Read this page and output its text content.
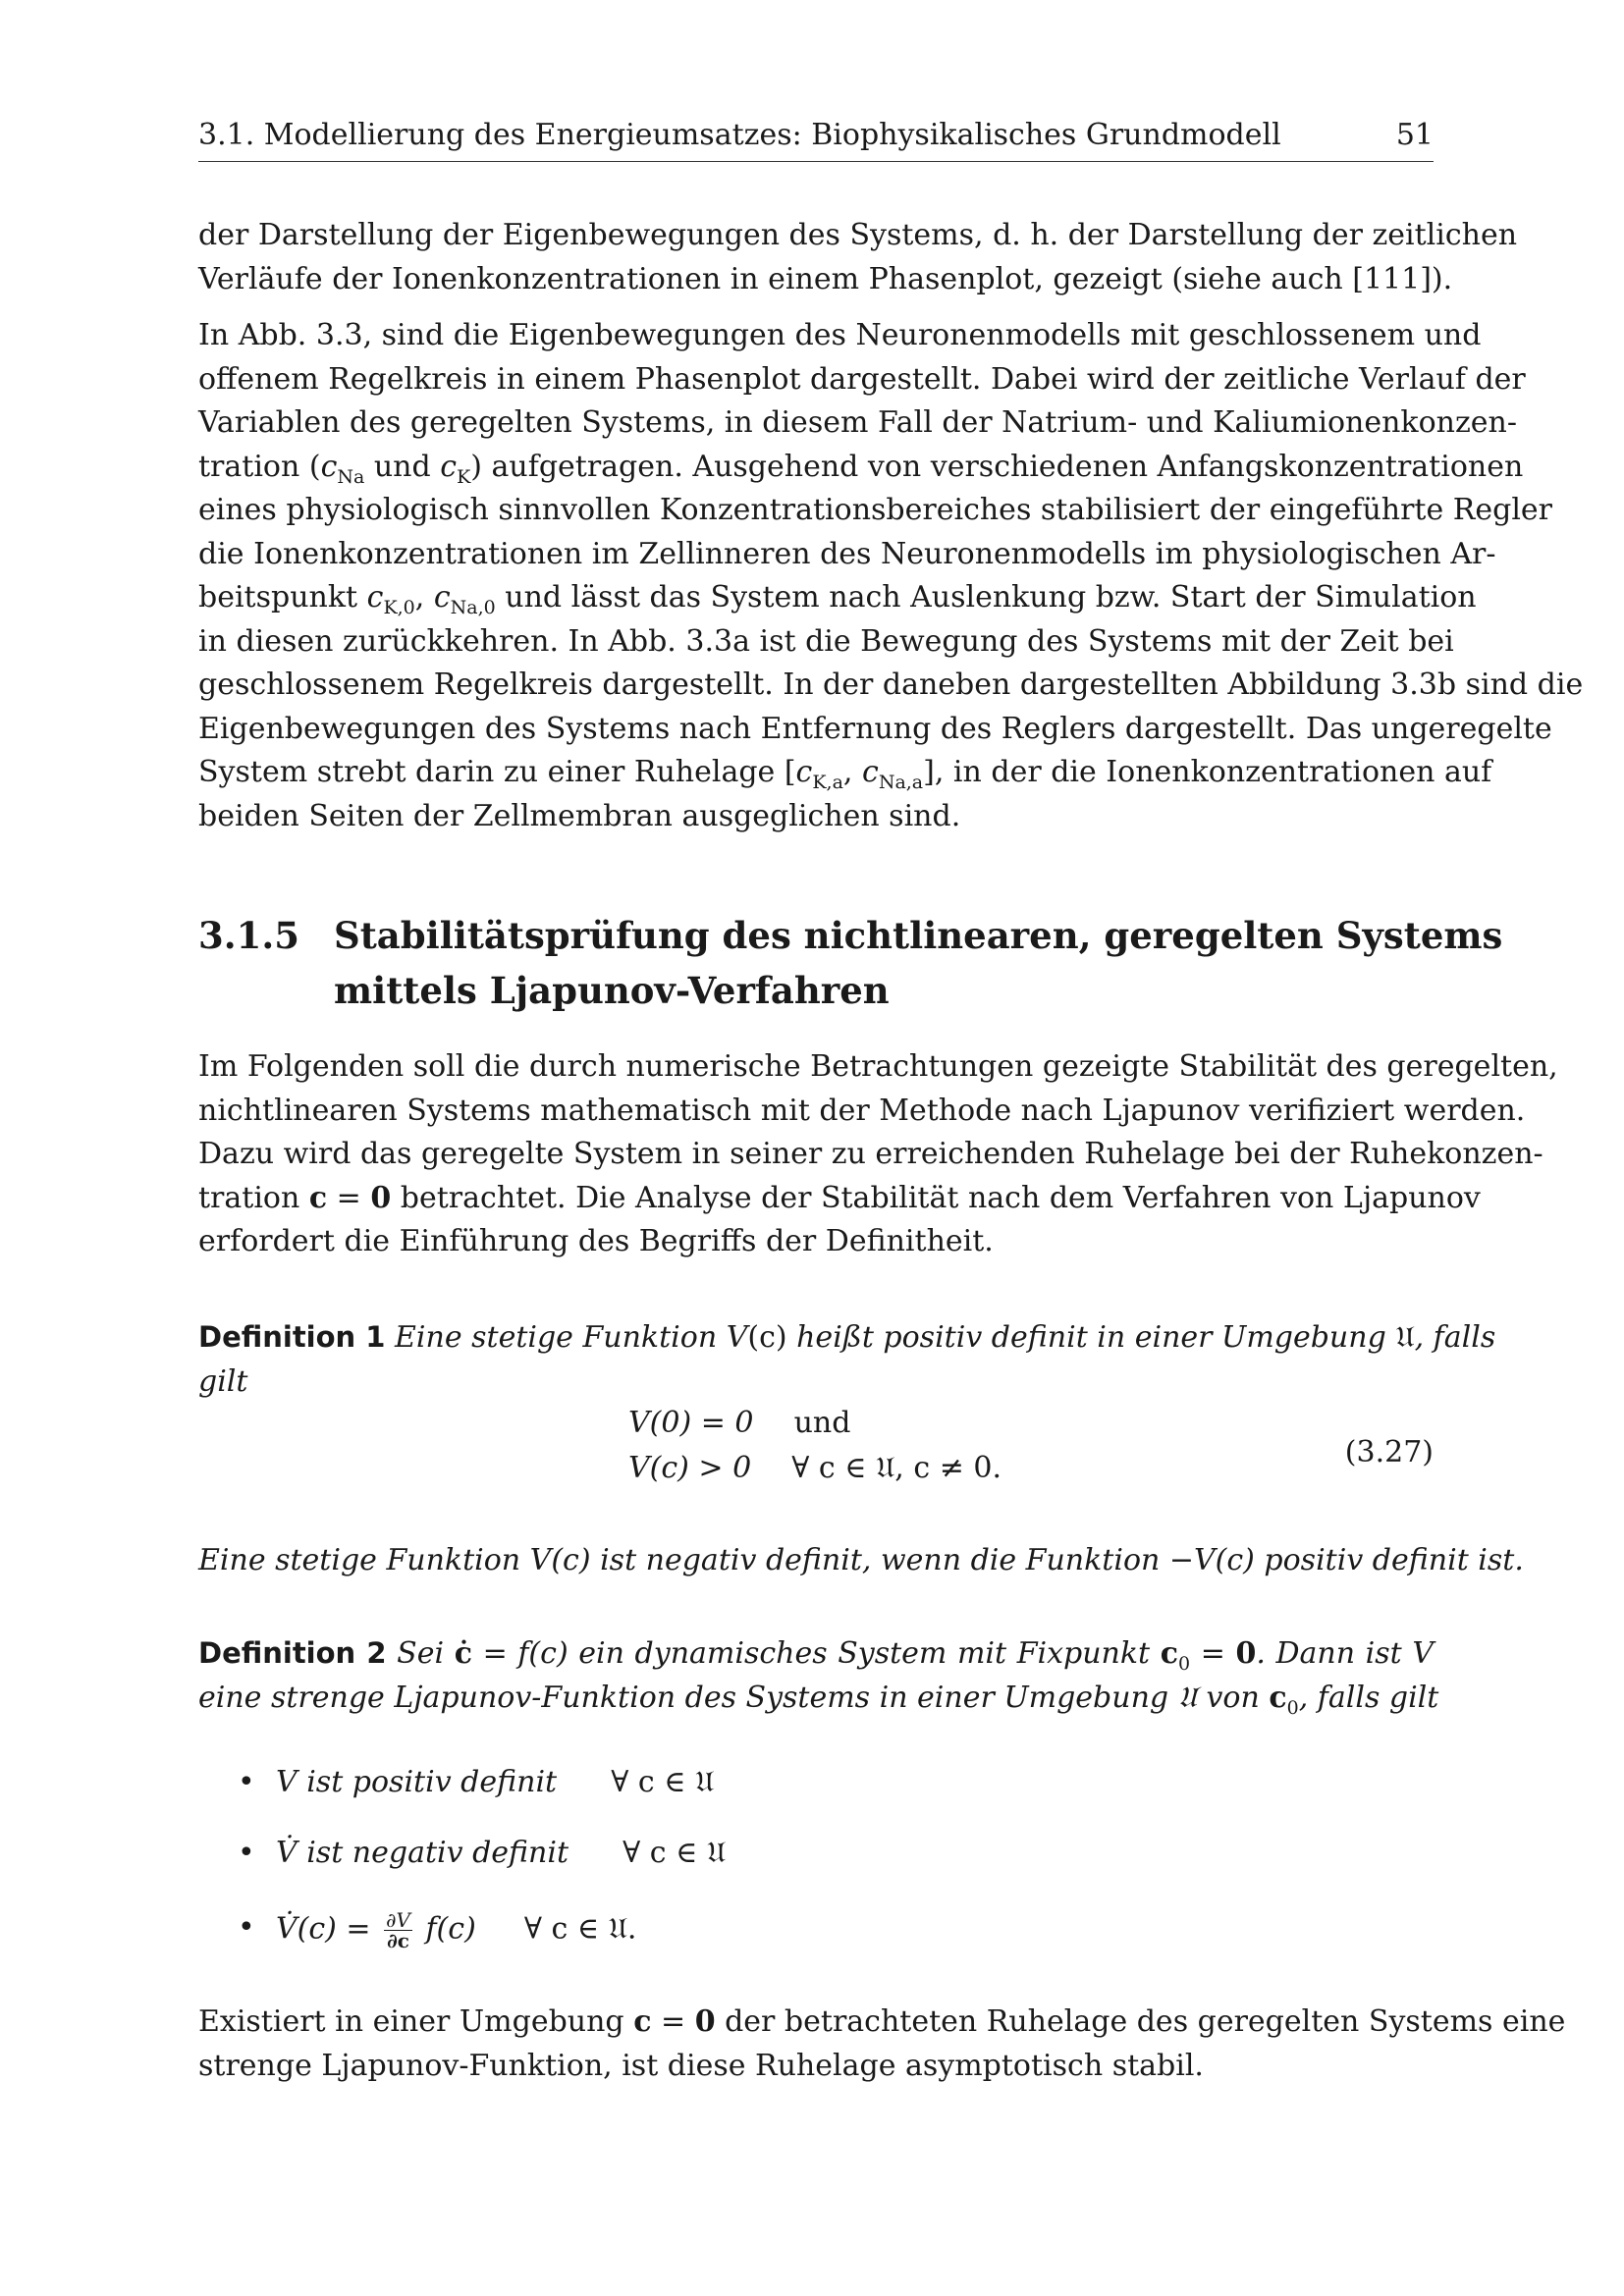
3.1. Modellierung des Energieumsatzes: Biophysikalisches Grundmodell	51
der Darstellung der Eigenbewegungen des Systems, d. h. der Darstellung der zeitlichen
Verläufe der Ionenkonzentrationen in einem Phasenplot, gezeigt (siehe auch [111]).
In Abb. 3.3, sind die Eigenbewegungen des Neuronenmodells mit geschlossenem und
offenem Regelkreis in einem Phasenplot dargestellt. Dabei wird der zeitliche Verlauf der
Variablen des geregelten Systems, in diesem Fall der Natrium- und Kaliumionenkonzen-
tration ($c_{Na}$ und $c_K$) aufgetragen. Ausgehend von verschiedenen Anfangskonzentrationen
eines physiologisch sinnvollen Konzentrationsbereiches stabilisiert der eingeführte Regler
die Ionenkonzentrationen im Zellinneren des Neuronenmodells im physiologischen Ar-
beitspunkt $c_{K,0}$, $c_{Na,0}$ und lässt das System nach Auslenkung bzw. Start der Simulation
in diesen zurückkehren. In Abb. 3.3a ist die Bewegung des Systems mit der Zeit bei
geschlossenem Regelkreis dargestellt. In der daneben dargestellten Abbildung 3.3b sind die
Eigenbewegungen des Systems nach Entfernung des Reglers dargestellt. Das ungeregelte
System strebt darin zu einer Ruhelage [$c_{K,a}$, $c_{Na,a}$], in der die Ionenkonzentrationen auf
beiden Seiten der Zellmembran ausgeglichen sind.
3.1.5 Stabilitätsprüfung des nichtlinearen, geregelten Systems
mittels Ljapunov-Verfahren
Im Folgenden soll die durch numerische Betrachtungen gezeigte Stabilität des geregelten,
nichtlinearen Systems mathematisch mit der Methode nach Ljapunov verifiziert werden.
Dazu wird das geregelte System in seiner zu erreichenden Ruhelage bei der Ruhekonzen-
tration c = 0 betrachtet. Die Analyse der Stabilität nach dem Verfahren von Ljapunov
erfordert die Einführung des Begriffs der Definitheit.
Definition 1 Eine stetige Funktion V(c) heißt positiv definit in einer Umgebung 𝔘, falls
gilt
V(0) = 0 und
V(c) > 0 ∀ c ∈ 𝔘, c ≠ 0.	(3.27)
Eine stetige Funktion V(c) ist negativ definit, wenn die Funktion −V(c) positiv definit ist.
Definition 2 Sei ċ = f(c) ein dynamisches System mit Fixpunkt $c_0 = 0$. Dann ist V
eine strenge Ljapunov-Funktion des Systems in einer Umgebung 𝔘 von $c_0$, falls gilt
• V ist positiv definit ∀ c ∈ 𝔘
• V̇ ist negativ definit ∀ c ∈ 𝔘
• V̇(c) = $\frac{\partial V}{\partial c} f(c)$ ∀ c ∈ 𝔘.
Existiert in einer Umgebung c = 0 der betrachteten Ruhelage des geregelten Systems eine
strenge Ljapunov-Funktion, ist diese Ruhelage asymptotisch stabil.
